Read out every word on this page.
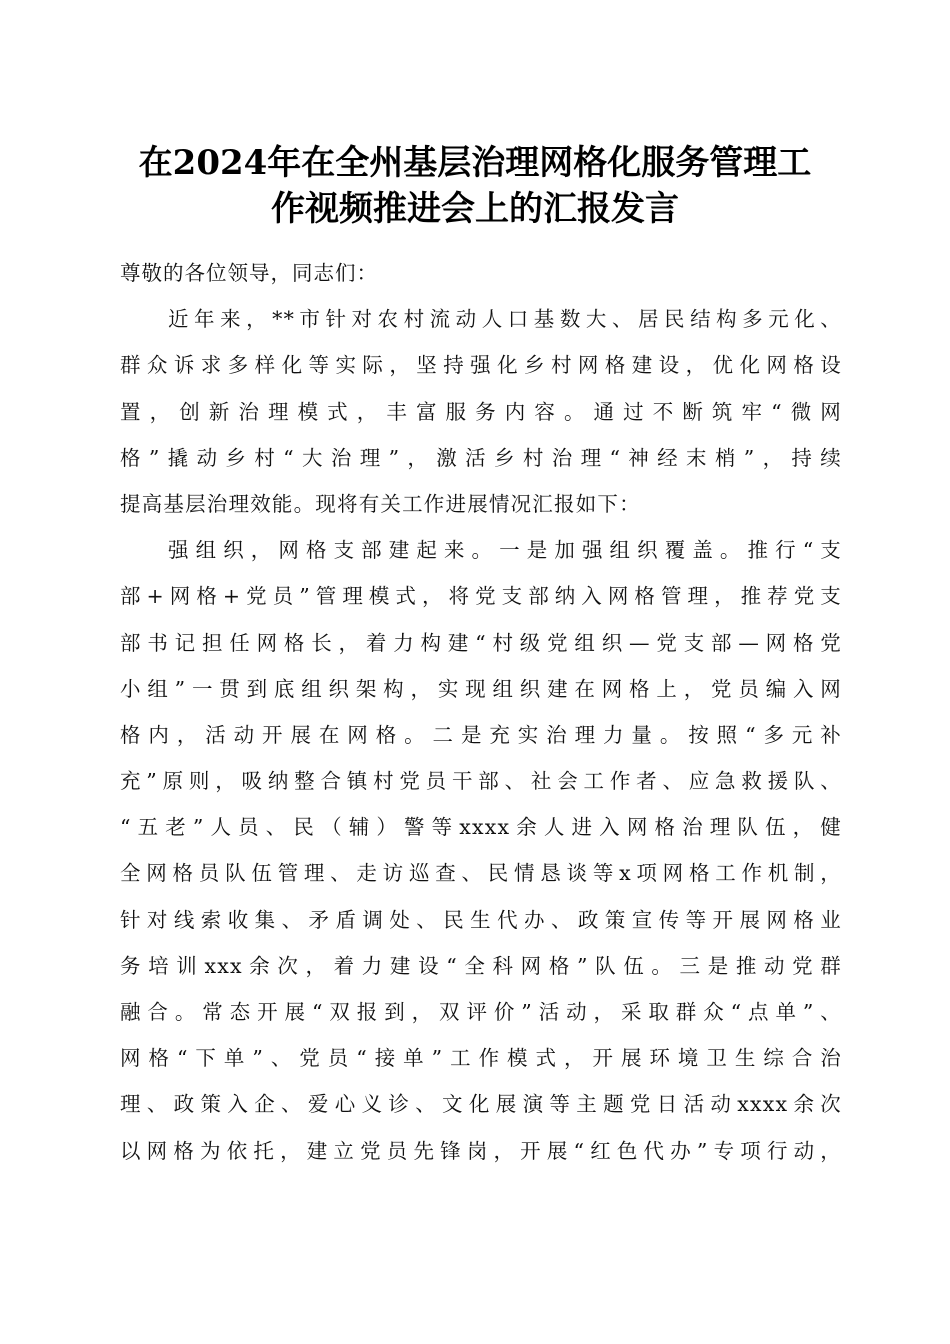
在2024年在全州基层治理网格化服务管理工
作视频推进会上的汇报发言
尊敬的各位领导，同志们：
近年来，**市针对农村流动人口基数大、居民结构多元化、
群众诉求多样化等实际，坚持强化乡村网格建设，优化网格设
置，创新治理模式，丰富服务内容。通过不断筑牢“微网
格”撬动乡村“大治理”，激活乡村治理“神经末梢”，持续
提高基层治理效能。现将有关工作进展情况汇报如下：
强组织，网格支部建起来。一是加强组织覆盖。推行“支
部+网格+党员”管理模式，将党支部纳入网格管理，推荐党支
部书记担任网格长，着力构建“村级党组织—党支部—网格党
小组”一贯到底组织架构，实现组织建在网格上，党员编入网
格内，活动开展在网格。二是充实治理力量。按照“多元补
充”原则，吸纳整合镇村党员干部、社会工作者、应急救援队、
“五老”人员、民（辅）警等xxxx余人进入网格治理队伍，健
全网格员队伍管理、走访巡查、民情恳谈等x项网格工作机制，
针对线索收集、矛盾调处、民生代办、政策宣传等开展网格业
务培训xxx余次，着力建设“全科网格”队伍。三是推动党群
融合。常态开展“双报到，双评价”活动，采取群众“点单”、
网格“下单”、党员“接单”工作模式，开展环境卫生综合治
理、政策入企、爱心义诊、文化展演等主题党日活动xxxx余次
以网格为依托，建立党员先锋岗，开展“红色代办”专项行动，
